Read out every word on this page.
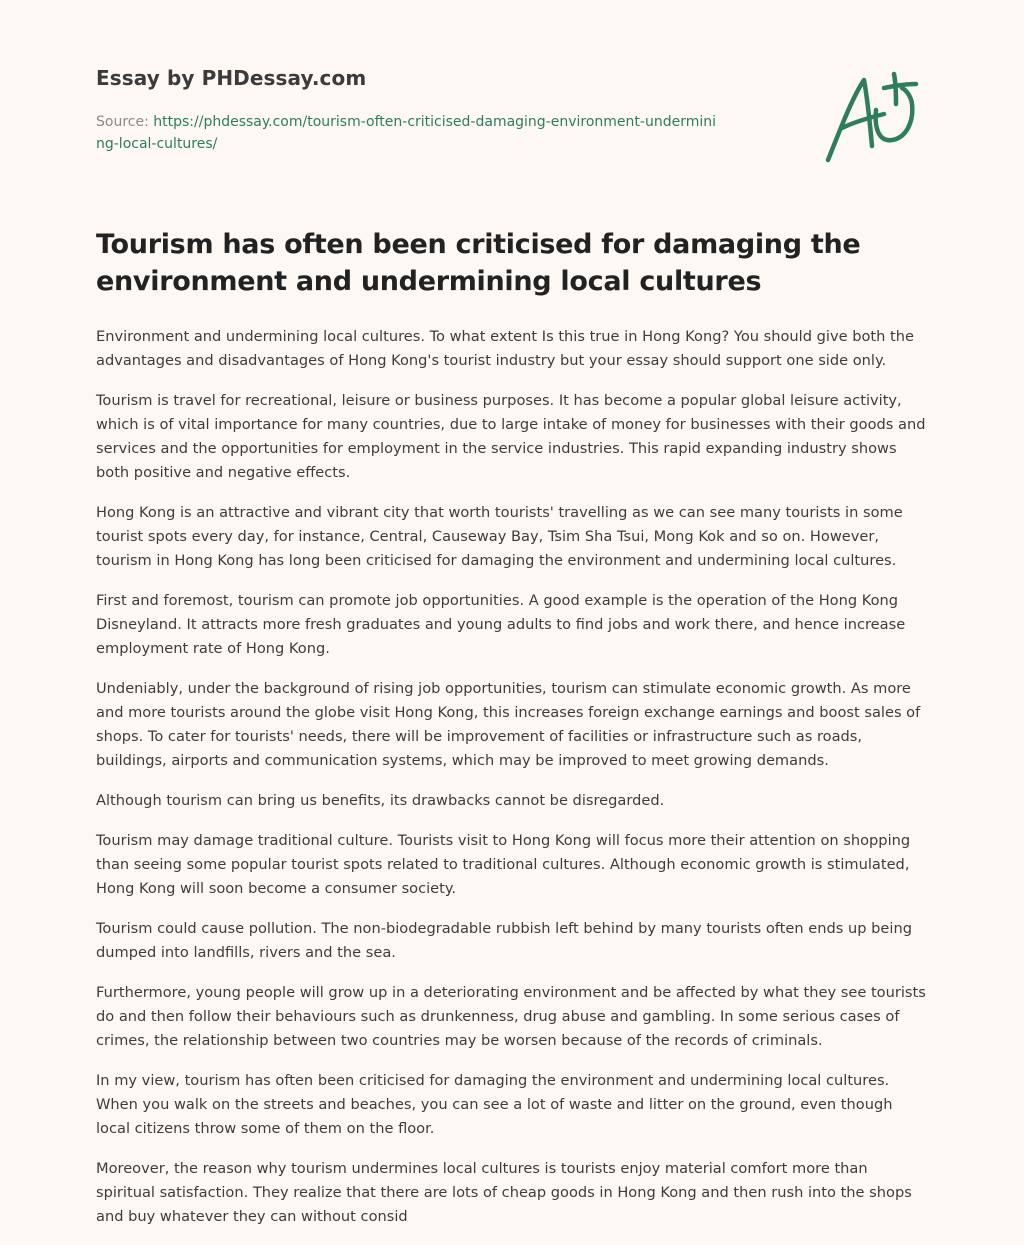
Essay by PHDessay.com

Source: https://phdessay.com/tourism-often-criticised-damaging-environment-undermining-local-cultures/

Tourism has often been criticised for damaging the environment and undermining local cultures

Environment and undermining local cultures. To what extent Is this true in Hong Kong? You should give both the advantages and disadvantages of Hong Kong's tourist industry but your essay should support one side only.

Tourism is travel for recreational, leisure or business purposes. It has become a popular global leisure activity, which is of vital importance for many countries, due to large intake of money for businesses with their goods and services and the opportunities for employment in the service industries. This rapid expanding industry shows both positive and negative effects.

Hong Kong is an attractive and vibrant city that worth tourists' travelling as we can see many tourists in some tourist spots every day, for instance, Central, Causeway Bay, Tsim Sha Tsui, Mong Kok and so on. However, tourism in Hong Kong has long been criticised for damaging the environment and undermining local cultures.

First and foremost, tourism can promote job opportunities. A good example is the operation of the Hong Kong Disneyland. It attracts more fresh graduates and young adults to find jobs and work there, and hence increase employment rate of Hong Kong.

Undeniably, under the background of rising job opportunities, tourism can stimulate economic growth. As more and more tourists around the globe visit Hong Kong, this increases foreign exchange earnings and boost sales of shops. To cater for tourists' needs, there will be improvement of facilities or infrastructure such as roads, buildings, airports and communication systems, which may be improved to meet growing demands.

Although tourism can bring us benefits, its drawbacks cannot be disregarded.

Tourism may damage traditional culture. Tourists visit to Hong Kong will focus more their attention on shopping than seeing some popular tourist spots related to traditional cultures. Although economic growth is stimulated, Hong Kong will soon become a consumer society.

Tourism could cause pollution. The non-biodegradable rubbish left behind by many tourists often ends up being dumped into landfills, rivers and the sea.

Furthermore, young people will grow up in a deteriorating environment and be affected by what they see tourists do and then follow their behaviours such as drunkenness, drug abuse and gambling. In some serious cases of crimes, the relationship between two countries may be worsen because of the records of criminals.

In my view, tourism has often been criticised for damaging the environment and undermining local cultures. When you walk on the streets and beaches, you can see a lot of waste and litter on the ground, even though local citizens throw some of them on the floor.

Moreover, the reason why tourism undermines local cultures is tourists enjoy material comfort more than spiritual satisfaction. They realize that there are lots of cheap goods in Hong Kong and then rush into the shops and buy whatever they can without consid
